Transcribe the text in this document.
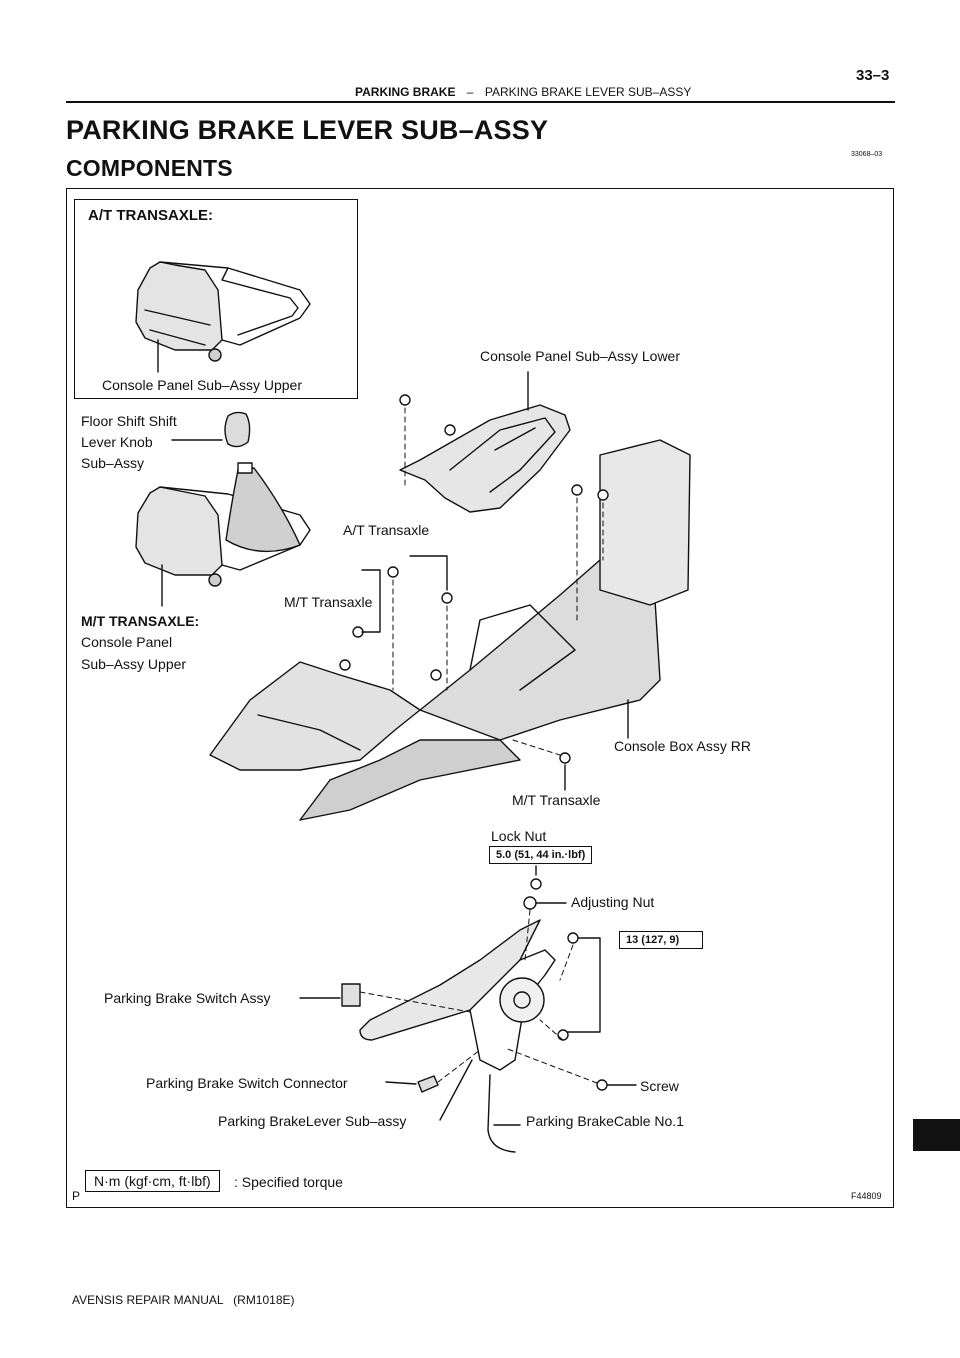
PARKING BRAKE – PARKING BRAKE LEVER SUB–ASSY
33–3
PARKING BRAKE LEVER SUB–ASSY
COMPONENTS
33068–03
A/T TRANSAXLE:
Console Panel Sub–Assy Upper
Console Panel Sub–Assy Lower
Floor Shift Shift
Lever Knob
Sub–Assy
A/T Transaxle
M/T Transaxle
M/T TRANSAXLE:
Console Panel
Sub–Assy Upper
Console Box Assy RR
M/T Transaxle
Lock Nut
5.0 (51, 44 in.·lbf)
Adjusting Nut
13 (127, 9)
Parking Brake Switch Assy
Parking Brake Switch Connector	Screw
Parking BrakeLever Sub–assy	Parking BrakeCable No.1
N·m (kgf·cm, ft·lbf)	: Specified torque
P	F44809
AVENSIS REPAIR MANUAL   (RM1018E)
